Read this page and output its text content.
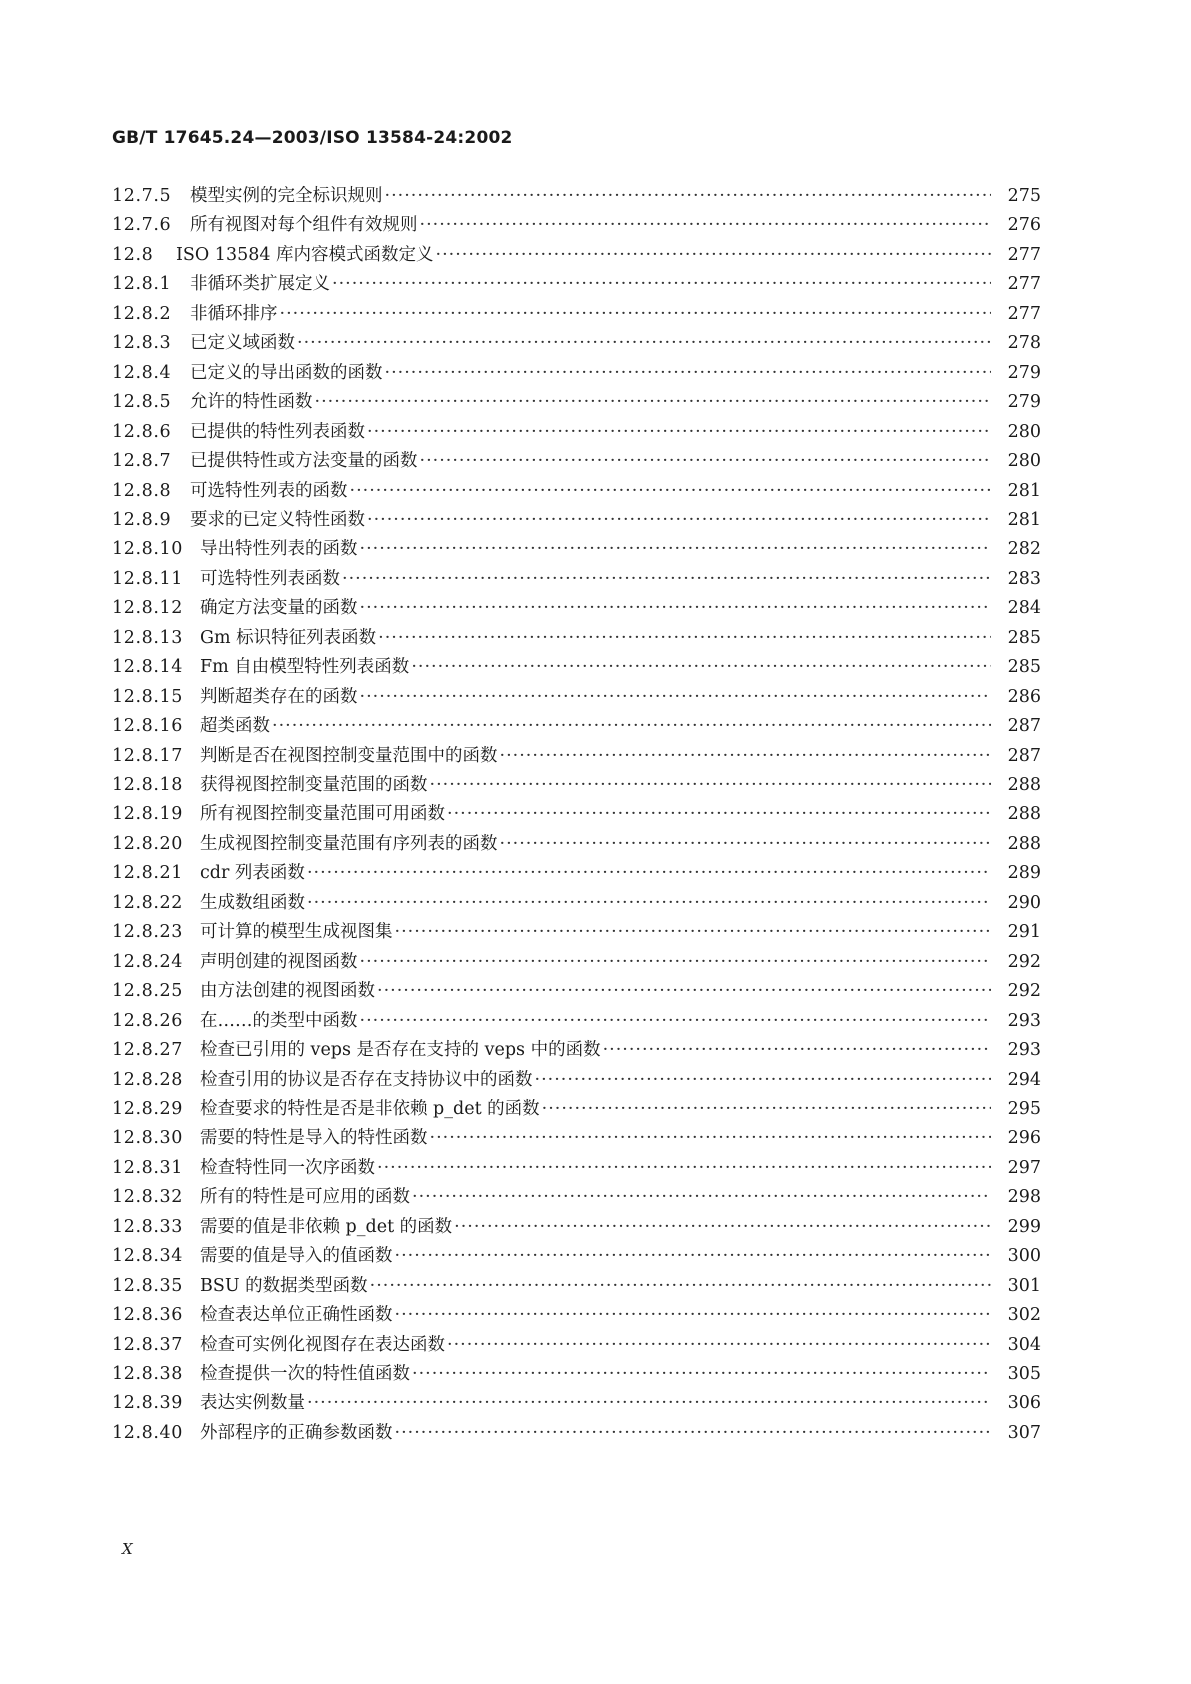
GB/T 17645.24—2003/ISO 13584-24:2002
12.7.5	模型实例的完全标识规则 ·····	275
12.7.6	所有视图对每个组件有效规则 ·····	276
12.8	ISO 13584 库内容模式函数定义 ·····	277
12.8.1	非循环类扩展定义 ·····	277
12.8.2	非循环排序 ·····	277
12.8.3	已定义域函数 ·····	278
12.8.4	已定义的导出函数的函数 ·····	279
12.8.5	允许的特性函数 ·····	279
12.8.6	已提供的特性列表函数 ·····	280
12.8.7	已提供特性或方法变量的函数 ·····	280
12.8.8	可选特性列表的函数 ·····	281
12.8.9	要求的已定义特性函数 ·····	281
12.8.10 导出特性列表的函数 ·····	282
12.8.11 可选特性列表函数 ·····	283
12.8.12 确定方法变量的函数 ·····	284
12.8.13 Gm 标识特征列表函数 ·····	285
12.8.14 Fm 自由模型特性列表函数 ·····	285
12.8.15 判断超类存在的函数 ·····	286
12.8.16 超类函数 ·····	287
12.8.17 判断是否在视图控制变量范围中的函数 ·····	287
12.8.18 获得视图控制变量范围的函数 ·····	288
12.8.19 所有视图控制变量范围可用函数 ·····	288
12.8.20 生成视图控制变量范围有序列表的函数 ·····	288
12.8.21 cdr 列表函数 ·····	289
12.8.22 生成数组函数 ·····	290
12.8.23 可计算的模型生成视图集 ·····	291
12.8.24 声明创建的视图函数 ·····	292
12.8.25 由方法创建的视图函数 ·····	292
12.8.26 在……的类型中函数 ·····	293
12.8.27 检查已引用的 veps 是否存在支持的 veps 中的函数 ·····	293
12.8.28 检查引用的协议是否存在支持协议中的函数 ·····	294
12.8.29 检查要求的特性是否是非依赖 p_det 的函数 ·····	295
12.8.30 需要的特性是导入的特性函数 ·····	296
12.8.31 检查特性同一次序函数 ·····	297
12.8.32 所有的特性是可应用的函数 ·····	298
12.8.33 需要的值是非依赖 p_det 的函数 ·····	299
12.8.34 需要的值是导入的值函数 ·····	300
12.8.35 BSU 的数据类型函数 ·····	301
12.8.36 检查表达单位正确性函数 ·····	302
12.8.37 检查可实例化视图存在表达函数 ·····	304
12.8.38 检查提供一次的特性值函数 ·····	305
12.8.39 表达实例数量 ·····	306
12.8.40 外部程序的正确参数函数 ·····	307
X
